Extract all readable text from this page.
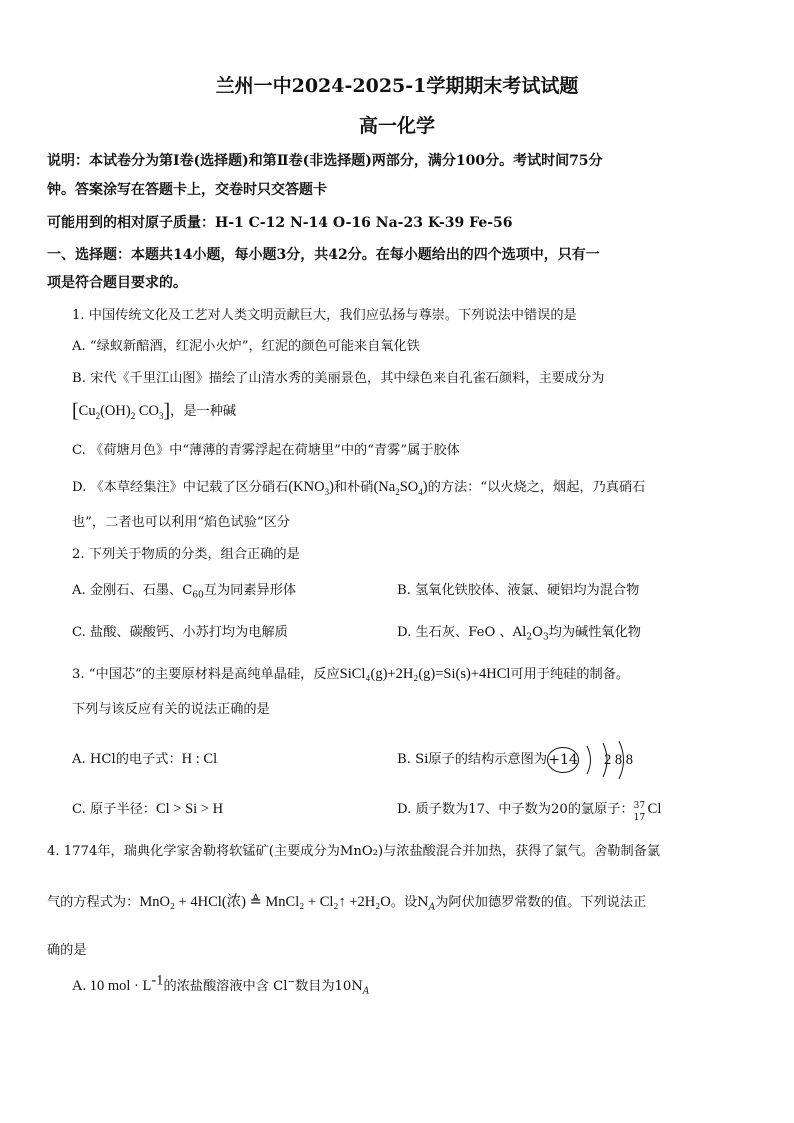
兰州一中2024-2025-1学期期末考试试题
高一化学
说明：本试卷分为第Ⅰ卷(选择题)和第Ⅱ卷(非选择题)两部分，满分100分。考试时间75分
钟。答案涂写在答题卡上，交卷时只交答题卡
可能用到的相对原子质量：H-1 C-12 N-14 O-16 Na-23 K-39 Fe-56
一、选择题：本题共14小题，每小题3分，共42分。在每小题给出的四个选项中，只有一
项是符合题目要求的。
1. 中国传统文化及工艺对人类文明贡献巨大，我们应弘扬与尊崇。下列说法中错误的是
A. “绿蚁新醅酒，红泥小火炉”，红泥的颜色可能来自氧化铁
B. 宋代《千里江山图》描绘了山清水秀的美丽景色，其中绿色来自孔雀石颜料，主要成分为
[$Cu_2(OH)_2$ $CO_3$]，是一种碱
C. 《荷塘月色》中“薄薄的青雾浮起在荷塘里”中的“青雾”属于胶体
D. 《本草经集注》中记载了区分硝石$(KNO_3)$和朴硝$(Na_2SO_4)$的方法：“以火烧之，烟起，乃真硝石
也”，二者也可以利用“焰色试验”区分
2. 下列关于物质的分类，组合正确的是
A. 金刚石、石墨、$C_{60}$互为同素异形体	B. 氢氧化铁胶体、液氯、硬铝均为混合物
C. 盐酸、碳酸钙、小苏打均为电解质	D. 生石灰、FeO 、$Al_2O_3$均为碱性氧化物
3. “中国芯”的主要原材料是高纯单晶硅，反应SiCl₄(g)+2H₂(g)=Si(s)+4HCl可用于纯硅的制备。
下列与该反应有关的说法正确的是
A. HCl的电子式：H : Cl	B. Si原子的结构示意图为+14 2 8 8
C. 原子半径：Cl > Si > H	D. 质子数为17、中子数为20的氯原子： 37
17
Cl
4. 1774年，瑞典化学家舍勒将软锰矿(主要成分为MnO₂)与浓盐酸混合并加热，获得了氯气。舍勒制备氯
气的方程式为：MnO₂ + 4HCl(浓) ≜ MnCl₂ + Cl₂↑ +2H₂O。设$N_A$为阿伏加德罗常数的值。下列说法正
确的是
A. 10 mol · $L^{-1}$的浓盐酸溶液中含 Cl−数目为$10N_A$
